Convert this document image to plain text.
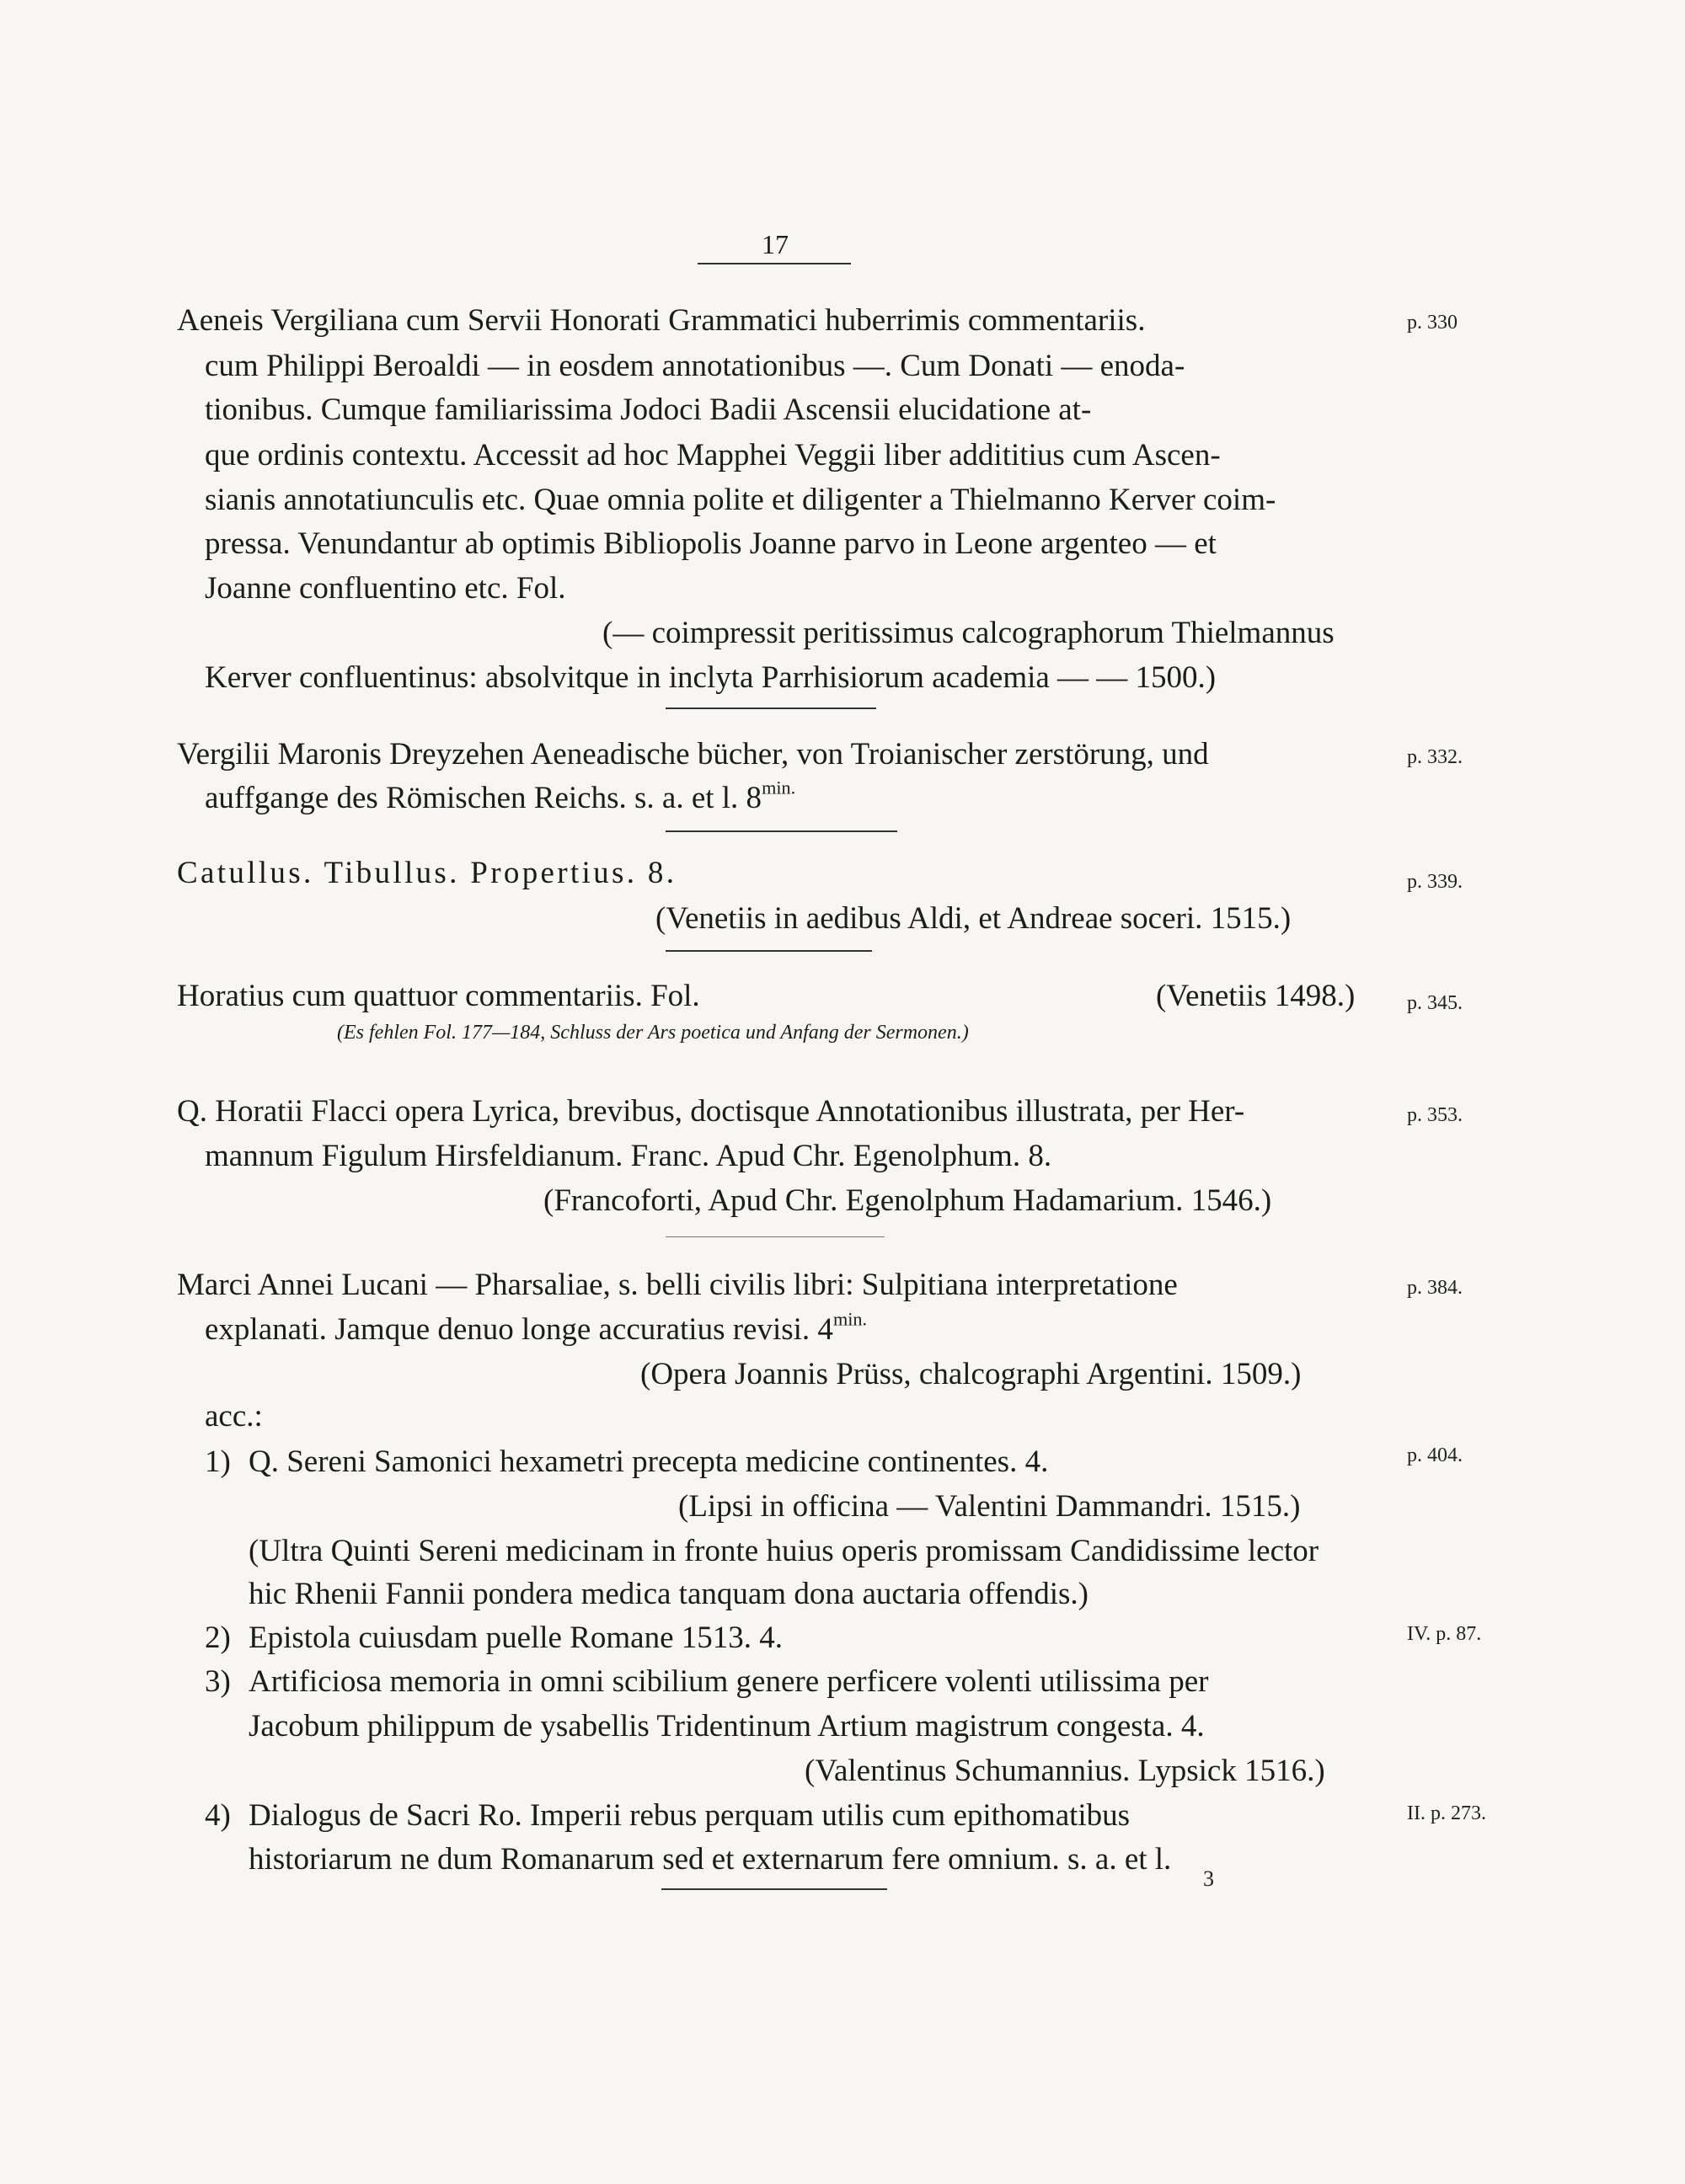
17
Aeneis Vergiliana cum Servii Honorati Grammatici huberrimis commentariis.	p. 330
cum Philippi Beroaldi — in eosdem annotationibus —. Cum Donati — enoda-
tionibus. Cumque familiarissima Jodoci Badii Ascensii elucidatione at-
que ordinis contextu. Accessit ad hoc Mapphei Veggii liber addititius cum Ascen-
sianis annotatiunculis etc. Quae omnia polite et diligenter a Thielmanno Kerver coim-
pressa. Venundantur ab optimis Bibliopolis Joanne parvo in Leone argenteo — et
Joanne confluentino etc. Fol.
(— coimpressit peritissimus calcographorum Thielmannus
Kerver confluentinus: absolvitque in inclyta Parrhisiorum academia — — 1500.)
Vergilii Maronis Dreyzehen Aeneadische bücher, von Troianischer zerstörung, und	p. 332.
auffgange des Römischen Reichs. s. a. et l. $8^{min.}$
Catullus. Tibullus. Propertius. 8.	p. 339.
(Venetiis in aedibus Aldi, et Andreae soceri. 1515.)
Horatius cum quattuor commentariis. Fol.	(Venetiis 1498.)	p. 345.
(Es fehlen Fol. 177—184, Schluss der Ars poetica und Anfang der Sermonen.)
Q. Horatii Flacci opera Lyrica, brevibus, doctisque Annotationibus illustrata, per Her-	p. 353.
mannum Figulum Hirsfeldianum. Franc. Apud Chr. Egenolphum. 8.
(Francoforti, Apud Chr. Egenolphum Hadamarium. 1546.)
Marci Annei Lucani — Pharsaliae, s. belli civilis libri: Sulpitiana interpretatione	p. 384.
explanati. Jamque denuo longe accuratius revisi. $4^{min.}$
(Opera Joannis Prüss, chalcographi Argentini. 1509.)
acc.:
1) Q. Sereni Samonici hexametri precepta medicine continentes. 4.	p. 404.
(Lipsi in officina — Valentini Dammandri. 1515.)
(Ultra Quinti Sereni medicinam in fronte huius operis promissam Candidissime lector
hic Rhenii Fannii pondera medica tanquam dona auctaria offendis.)
2) Epistola cuiusdam puelle Romane 1513. 4.	IV. p. 87.
3) Artificiosa memoria in omni scibilium genere perficere volenti utilissima per
Jacobum philippum de ysabellis Tridentinum Artium magistrum congesta. 4.
(Valentinus Schumannius. Lypsick 1516.)
4) Dialogus de Sacri Ro. Imperii rebus perquam utilis cum epithomatibus	II. p. 273.
historiarum ne dum Romanarum sed et externarum fere omnium. s. a. et l.
3
